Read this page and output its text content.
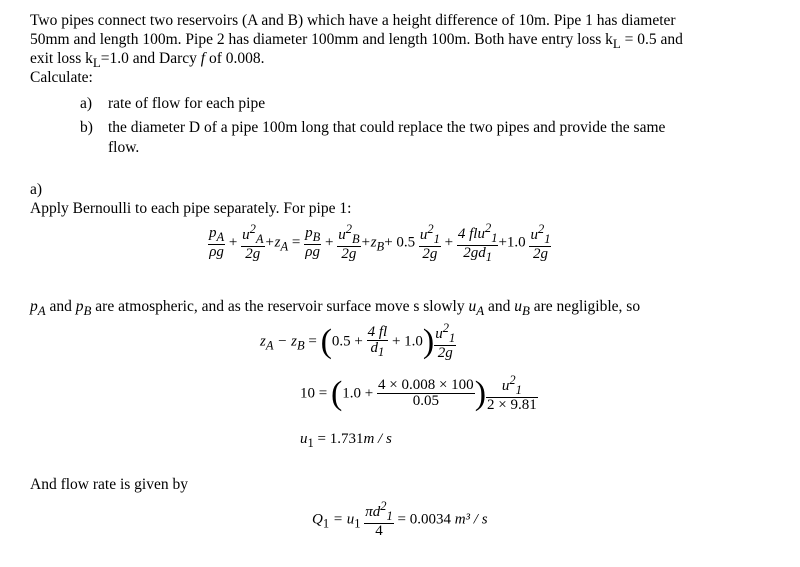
Two pipes connect two reservoirs (A and B) which have a height difference of 10m. Pipe 1 has diameter
50mm and length 100m. Pipe 2 has diameter 100mm and length 100m. Both have entry loss $k_L = 0.5$ and
exit loss $k_L=1.0$ and Darcy f of 0.008.
Calculate:
a) rate of flow for each pipe
b) the diameter D of a pipe 100m long that could replace the two pipes and provide the same
flow.
a)
Apply Bernoulli to each pipe separately. For pipe 1:
$\frac{p_A}{\rho g} + \frac{u^2_A}{2g} +z_A = \frac{p_B}{\rho g} + \frac{u^2_B}{2g} +z_B+ 0.5 \frac{u^2_1}{2g} + \frac{4 flu^2_1}{2gd_1} +1.0 \frac{u^2_1}{2g}$
$p_A$ and $p_B$ are atmospheric, and as the reservoir surface move s slowly $u_A$ and $u_B$ are negligible, so
$z_A - z_B = (0.5 + \frac{4 fl}{d_1} + 1.0) \frac{u^2_1}{2g}$
$10 = (1.0 + \frac{4 \times 0.008 \times 100}{0.05}$ ) $\frac{u^2_1}{2 \times 9.81}$
$u_1 = 1.731m / s$
And flow rate is given by
$Q_1 = u_1 \frac{\pi d^2_1}{4} = 0.0034$ m³ / s
